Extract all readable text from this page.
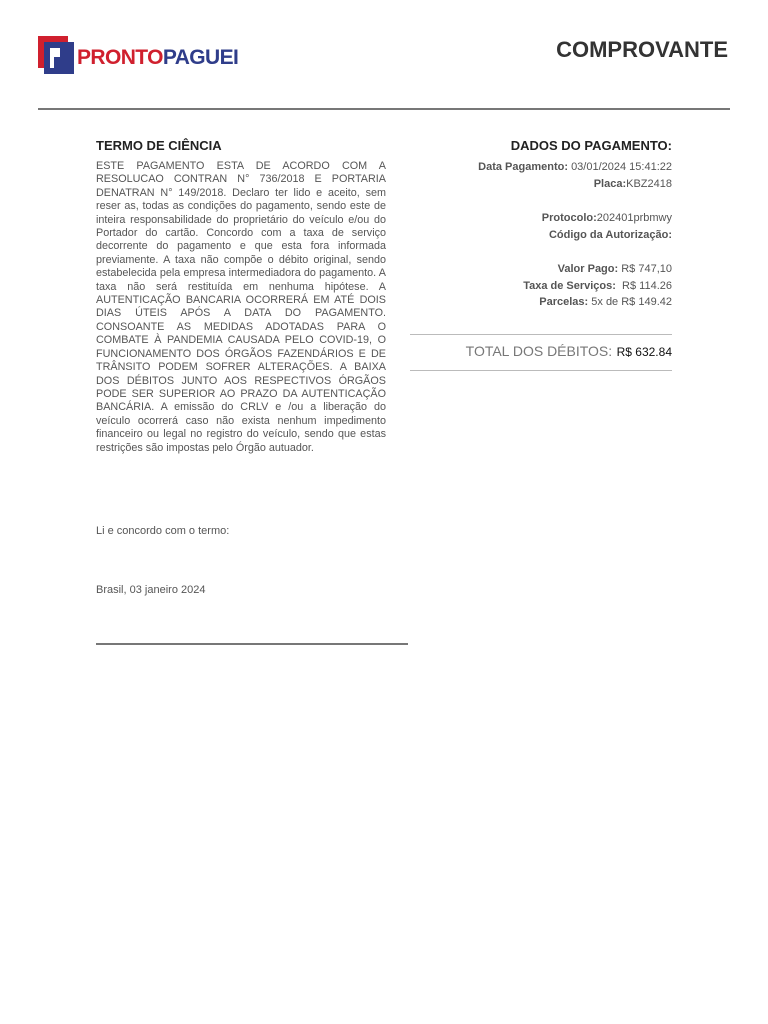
PRONTOPAGUEI	COMPROVANTE
TERMO DE CIÊNCIA

ESTE PAGAMENTO ESTA DE ACORDO COM A RESOLUCAO CONTRAN N° 736/2018 E PORTARIA DENATRAN N° 149/2018. Declaro ter lido e aceito, sem reser as, todas as condições do pagamento, sendo este de inteira responsabilidade do proprietário do veículo e/ou do Portador do cartão. Concordo com a taxa de serviço decorrente do pagamento e que esta fora informada previamente. A taxa não compõe o débito original, sendo estabelecida pela empresa intermediadora do pagamento. A taxa não será restituída em nenhuma hipótese. A AUTENTICAÇÃO BANCARIA OCORRERÁ EM ATÉ DOIS DIAS ÚTEIS APÓS A DATA DO PAGAMENTO. CONSOANTE AS MEDIDAS ADOTADAS PARA O COMBATE À PANDEMIA CAUSADA PELO COVID-19, O FUNCIONAMENTO DOS ÓRGÃOS FAZENDÁRIOS E DE TRÂNSITO PODEM SOFRER ALTERAÇÕES. A BAIXA DOS DÉBITOS JUNTO AOS RESPECTIVOS ÓRGÃOS PODE SER SUPERIOR AO PRAZO DA AUTENTICAÇÃO BANCÁRIA. A emissão do CRLV e /ou a liberação do veículo ocorrerá caso não exista nenhum impedimento financeiro ou legal no registro do veículo, sendo que estas restrições são impostas pelo Órgão autuador.

Li e concordo com o termo:

Brasil, 03 janeiro 2024

DADOS DO PAGAMENTO:
Data Pagamento: 03/01/2024 15:41:22
Placa:KBZ2418
Protocolo:202401prbmwy
Código da Autorização:
Valor Pago: R$ 747,10
Taxa de Serviços: R$ 114.26
Parcelas: 5x de R$ 149.42
TOTAL DOS DÉBITOS: R$ 632.84
